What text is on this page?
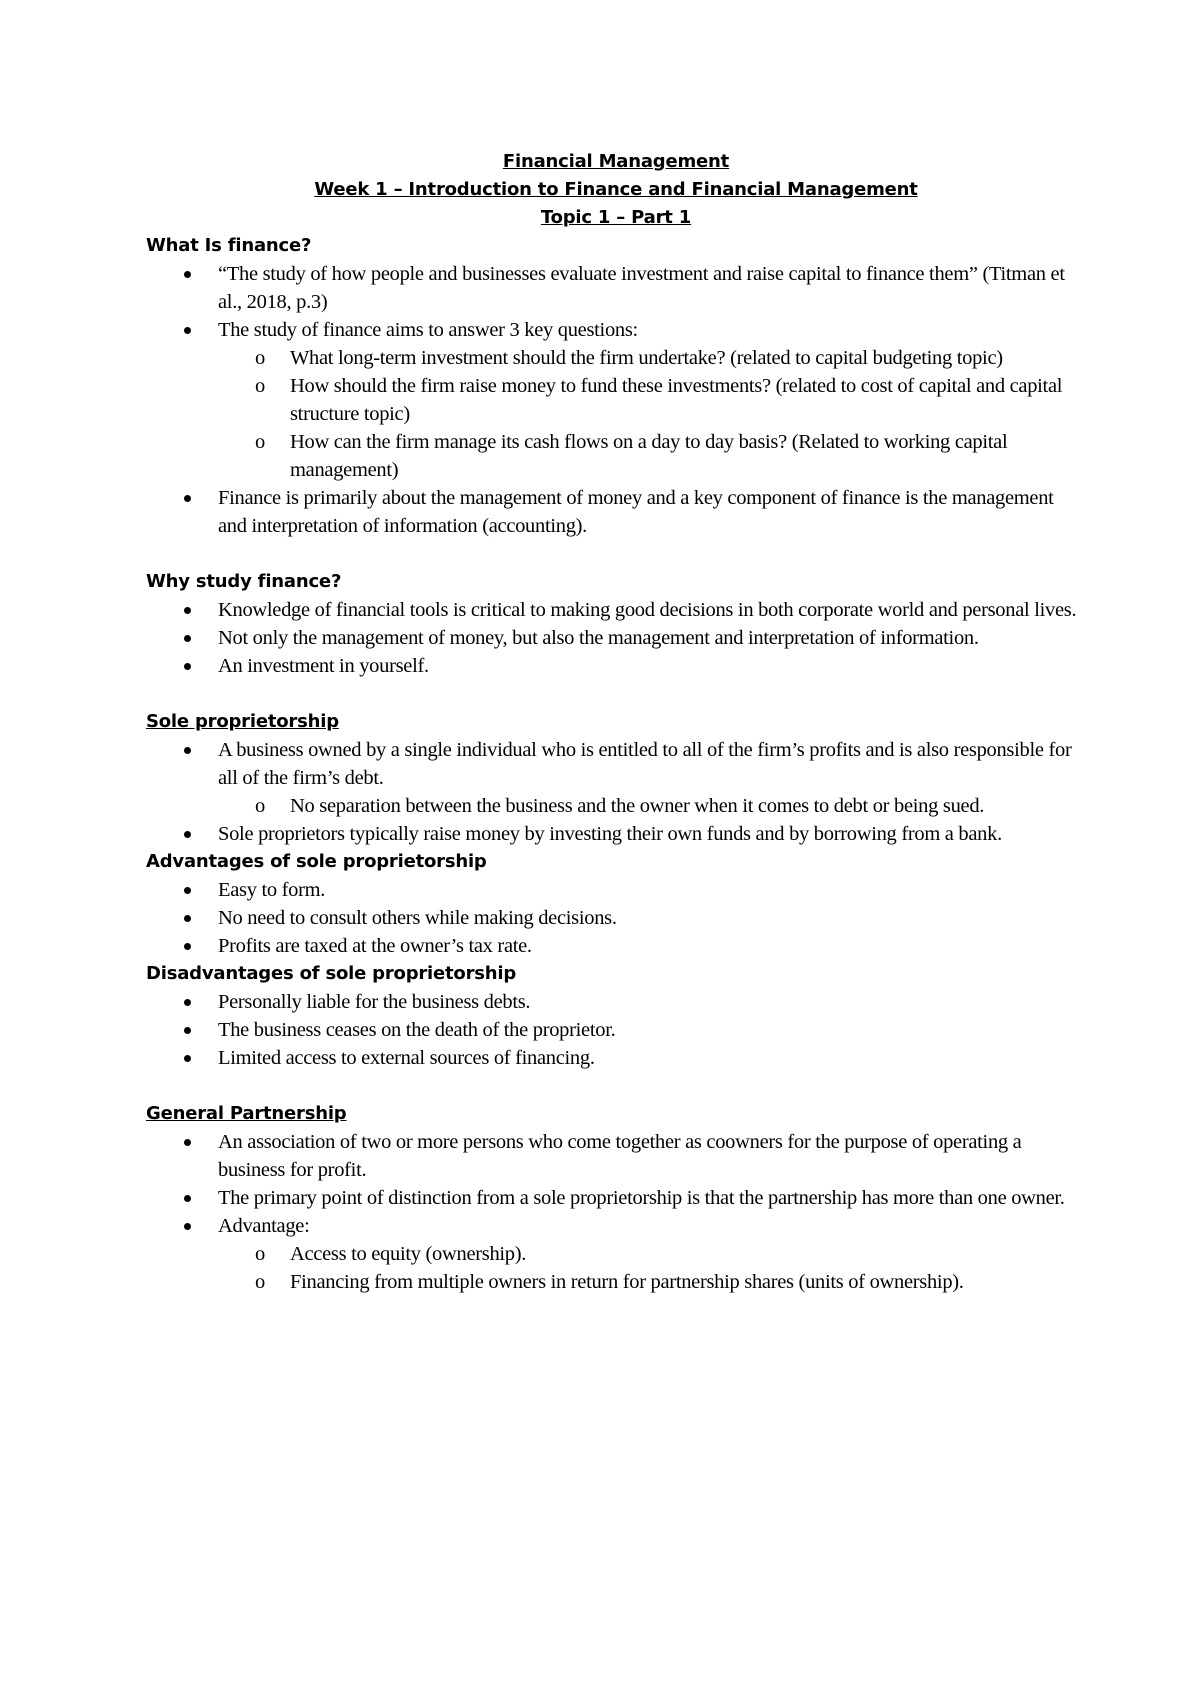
Financial Management
Week 1 – Introduction to Finance and Financial Management
Topic 1 – Part 1
What Is finance?
“The study of how people and businesses evaluate investment and raise capital to finance them” (Titman et al., 2018, p.3)
The study of finance aims to answer 3 key questions:
o What long-term investment should the firm undertake? (related to capital budgeting topic)
o How should the firm raise money to fund these investments? (related to cost of capital and capital structure topic)
o How can the firm manage its cash flows on a day to day basis? (Related to working capital management)
Finance is primarily about the management of money and a key component of finance is the management and interpretation of information (accounting).
Why study finance?
Knowledge of financial tools is critical to making good decisions in both corporate world and personal lives.
Not only the management of money, but also the management and interpretation of information.
An investment in yourself.
Sole proprietorship
A business owned by a single individual who is entitled to all of the firm’s profits and is also responsible for all of the firm’s debt.
o No separation between the business and the owner when it comes to debt or being sued.
Sole proprietors typically raise money by investing their own funds and by borrowing from a bank.
Advantages of sole proprietorship
Easy to form.
No need to consult others while making decisions.
Profits are taxed at the owner’s tax rate.
Disadvantages of sole proprietorship
Personally liable for the business debts.
The business ceases on the death of the proprietor.
Limited access to external sources of financing.
General Partnership
An association of two or more persons who come together as coowners for the purpose of operating a business for profit.
The primary point of distinction from a sole proprietorship is that the partnership has more than one owner.
Advantage:
o Access to equity (ownership).
o Financing from multiple owners in return for partnership shares (units of ownership).
